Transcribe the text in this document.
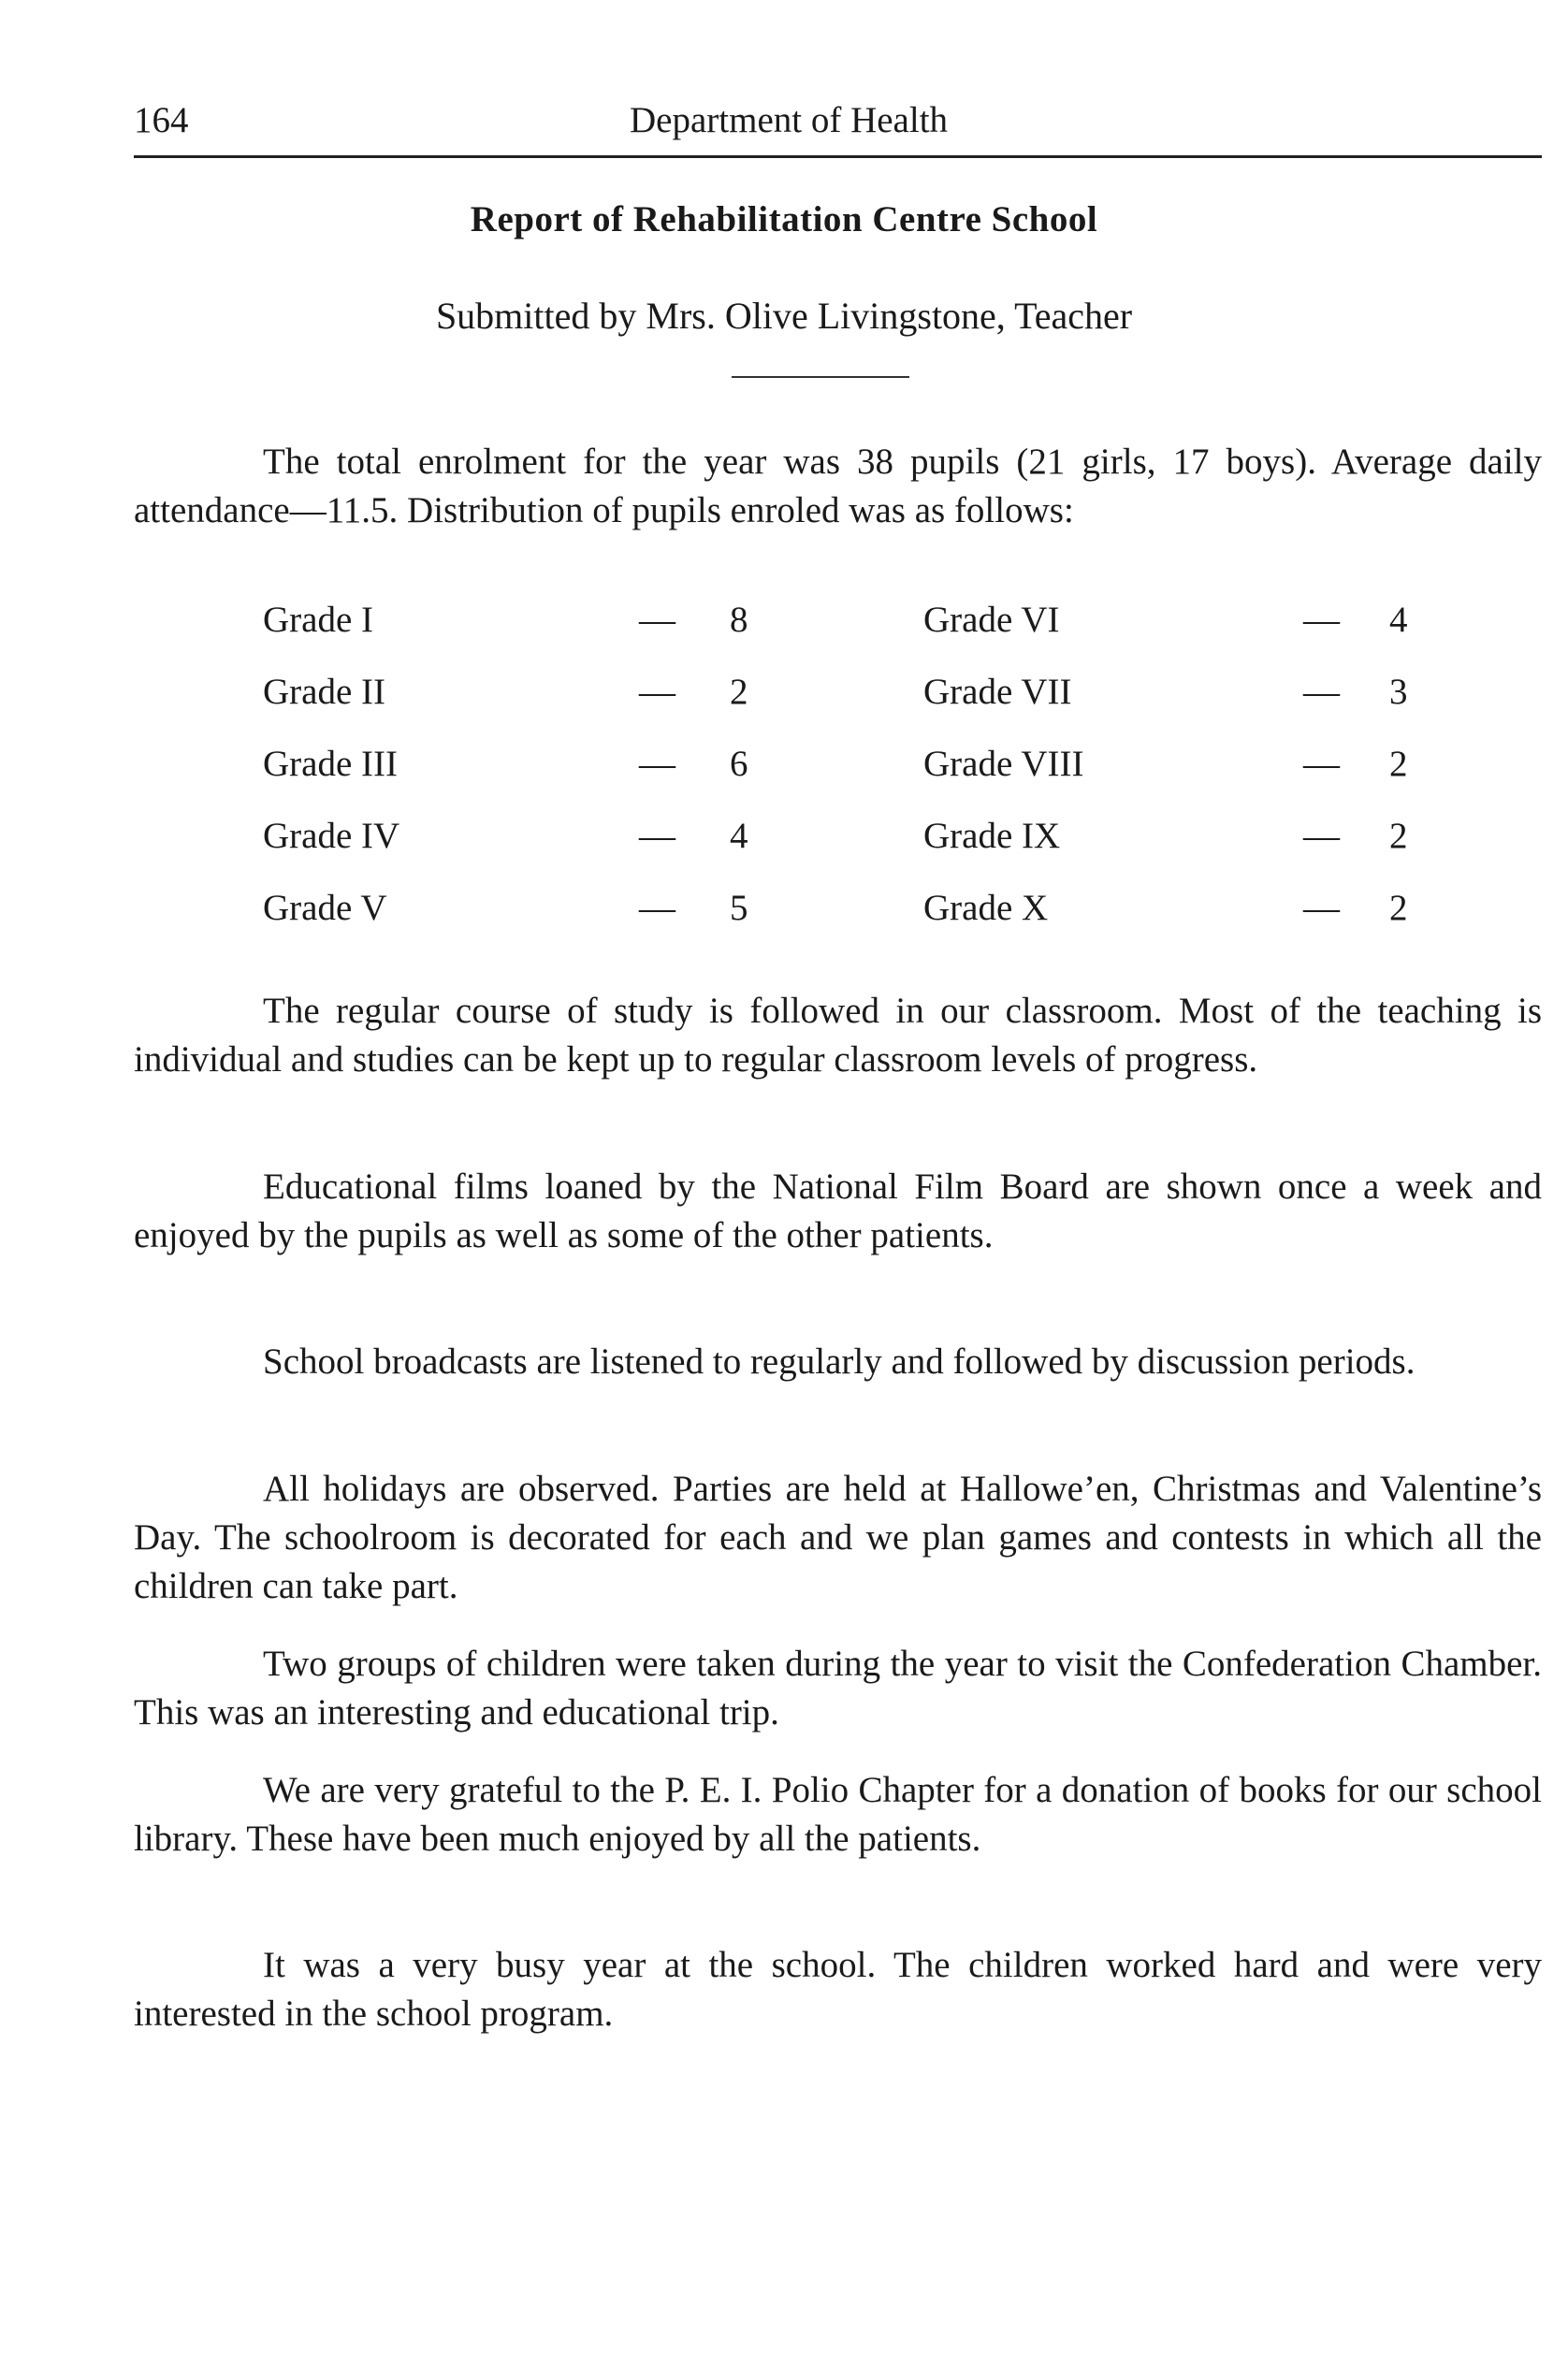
164	Department of Health
Report of Rehabilitation Centre School
Submitted by Mrs. Olive Livingstone, Teacher

The total enrolment for the year was 38 pupils (21 girls, 17 boys). Average daily attendance—11.5. Distribution of pupils enroled was as follows:

Grade I	— 8	Grade VI	— 4
Grade II	— 2	Grade VII	— 3
Grade III	— 6	Grade VIII	— 2
Grade IV	— 4	Grade IX	— 2
Grade V	— 5	Grade X	— 2

The regular course of study is followed in our classroom. Most of the teaching is individual and studies can be kept up to regular classroom levels of progress.

Educational films loaned by the National Film Board are shown once a week and enjoyed by the pupils as well as some of the other patients.

School broadcasts are listened to regularly and followed by discussion periods.

All holidays are observed. Parties are held at Hallowe’en, Christmas and Valentine’s Day. The schoolroom is decorated for each and we plan games and contests in which all the children can take part.

Two groups of children were taken during the year to visit the Confederation Chamber. This was an interesting and educational trip.

We are very grateful to the P. E. I. Polio Chapter for a donation of books for our school library. These have been much enjoyed by all the patients.

It was a very busy year at the school. The children worked hard and were very interested in the school program.
